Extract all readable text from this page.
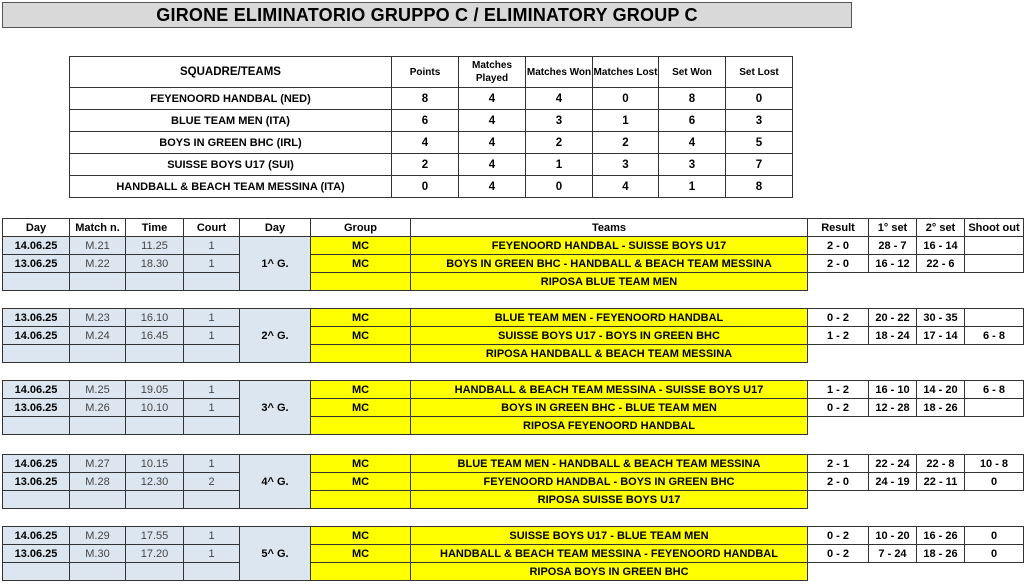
GIRONE ELIMINATORIO GRUPPO C / ELIMINATORY GROUP C
SQUADRE/TEAMS	Points	Matches Played	Matches Won	Matches Lost	Set Won	Set Lost
FEYENOORD HANDBAL (NED)	8	4	4	0	8	0
BLUE TEAM MEN (ITA)	6	4	3	1	6	3
BOYS IN GREEN BHC (IRL)	4	4	2	2	4	5
SUISSE BOYS U17 (SUI)	2	4	1	3	3	7
HANDBALL & BEACH TEAM MESSINA (ITA)	0	4	0	4	1	8
Day	Match n.	Time	Court	Day	Group	Teams	Result	1° set	2° set	Shoot out
14.06.25	M.21	11.25	1	1^ G.	MC	FEYENOORD HANDBAL - SUISSE BOYS U17	2 - 0	28 - 7	16 - 14	
13.06.25	M.22	18.30	1		MC	BOYS IN GREEN BHC - HANDBALL & BEACH TEAM MESSINA	2 - 0	16 - 12	22 - 6	
						RIPOSA BLUE TEAM MEN				
13.06.25	M.23	16.10	1	2^ G.	MC	BLUE TEAM MEN - FEYENOORD HANDBAL	0 - 2	20 - 22	30 - 35	
14.06.25	M.24	16.45	1		MC	SUISSE BOYS U17 - BOYS IN GREEN BHC	1 - 2	18 - 24	17 - 14	6 - 8
						RIPOSA HANDBALL & BEACH TEAM MESSINA				
14.06.25	M.25	19.05	1	3^ G.	MC	HANDBALL & BEACH TEAM MESSINA - SUISSE BOYS U17	1 - 2	16 - 10	14 - 20	6 - 8
13.06.25	M.26	10.10	1		MC	BOYS IN GREEN BHC - BLUE TEAM MEN	0 - 2	12 - 28	18 - 26	
						RIPOSA FEYENOORD HANDBAL				
14.06.25	M.27	10.15	1	4^ G.	MC	BLUE TEAM MEN - HANDBALL & BEACH TEAM MESSINA	2 - 1	22 - 24	22 - 8	10 - 8
13.06.25	M.28	12.30	2		MC	FEYENOORD HANDBAL - BOYS IN GREEN BHC	2 - 0	24 - 19	22 - 11	0
						RIPOSA SUISSE BOYS U17				
14.06.25	M.29	17.55	1	5^ G.	MC	SUISSE BOYS U17 - BLUE TEAM MEN	0 - 2	10 - 20	16 - 26	0
13.06.25	M.30	17.20	1		MC	HANDBALL & BEACH TEAM MESSINA - FEYENOORD HANDBAL	0 - 2	7 - 24	18 - 26	0
						RIPOSA BOYS IN GREEN BHC				
